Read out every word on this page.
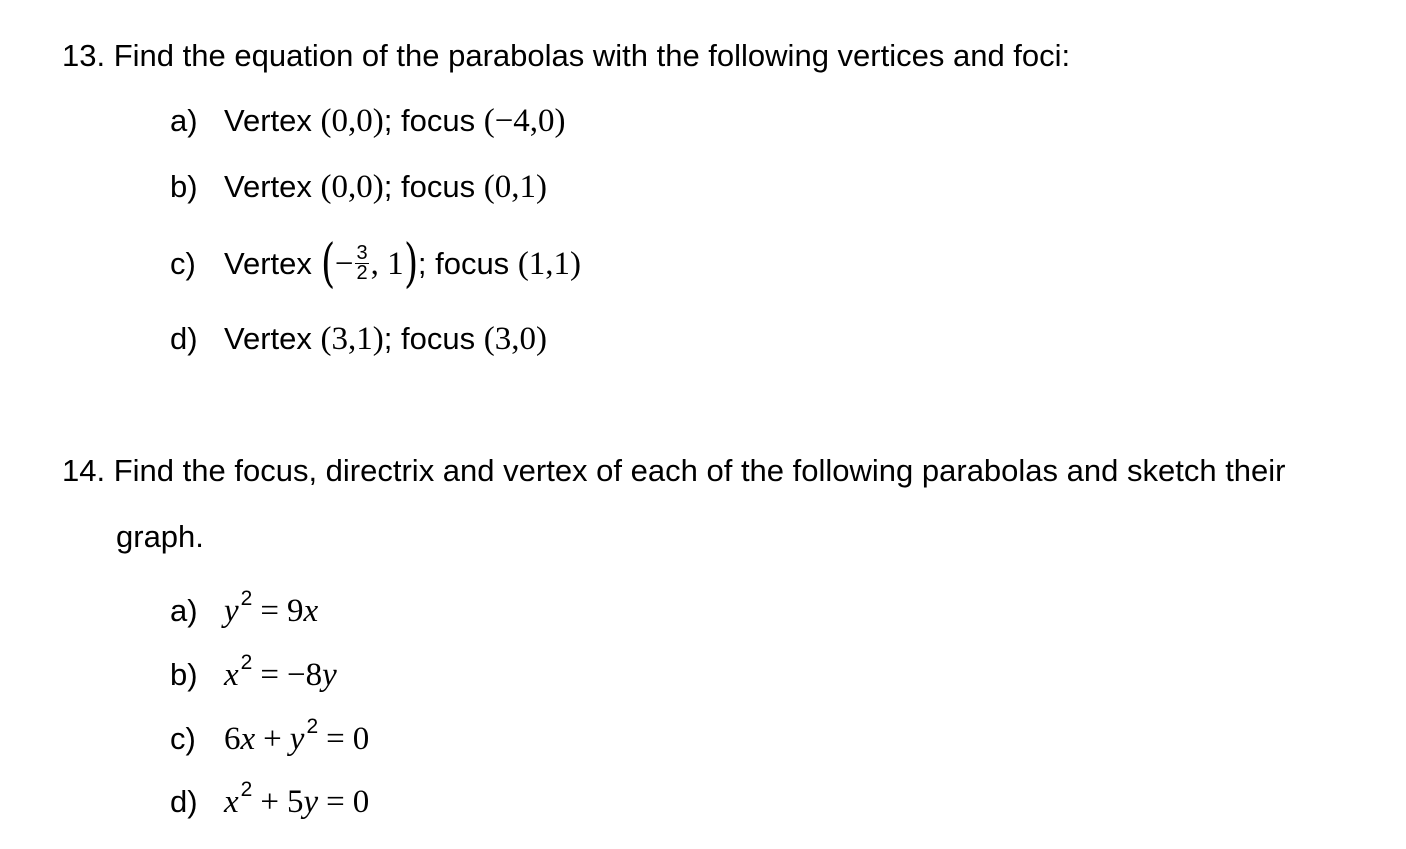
13. Find the equation of the parabolas with the following vertices and foci:
a) Vertex (0,0); focus (−4,0)
b) Vertex (0,0); focus (0,1)
c) Vertex (− $\frac{3}{2}$ , 1); focus (1,1)
d) Vertex (3,1); focus (3,0)
14. Find the focus, directrix and vertex of each of the following parabolas and sketch their
graph.
a) $y^2 = 9x$
b) $x^2 = -8y$
c) $6x + y^2 = 0$
d) $x^2 + 5y = 0$
